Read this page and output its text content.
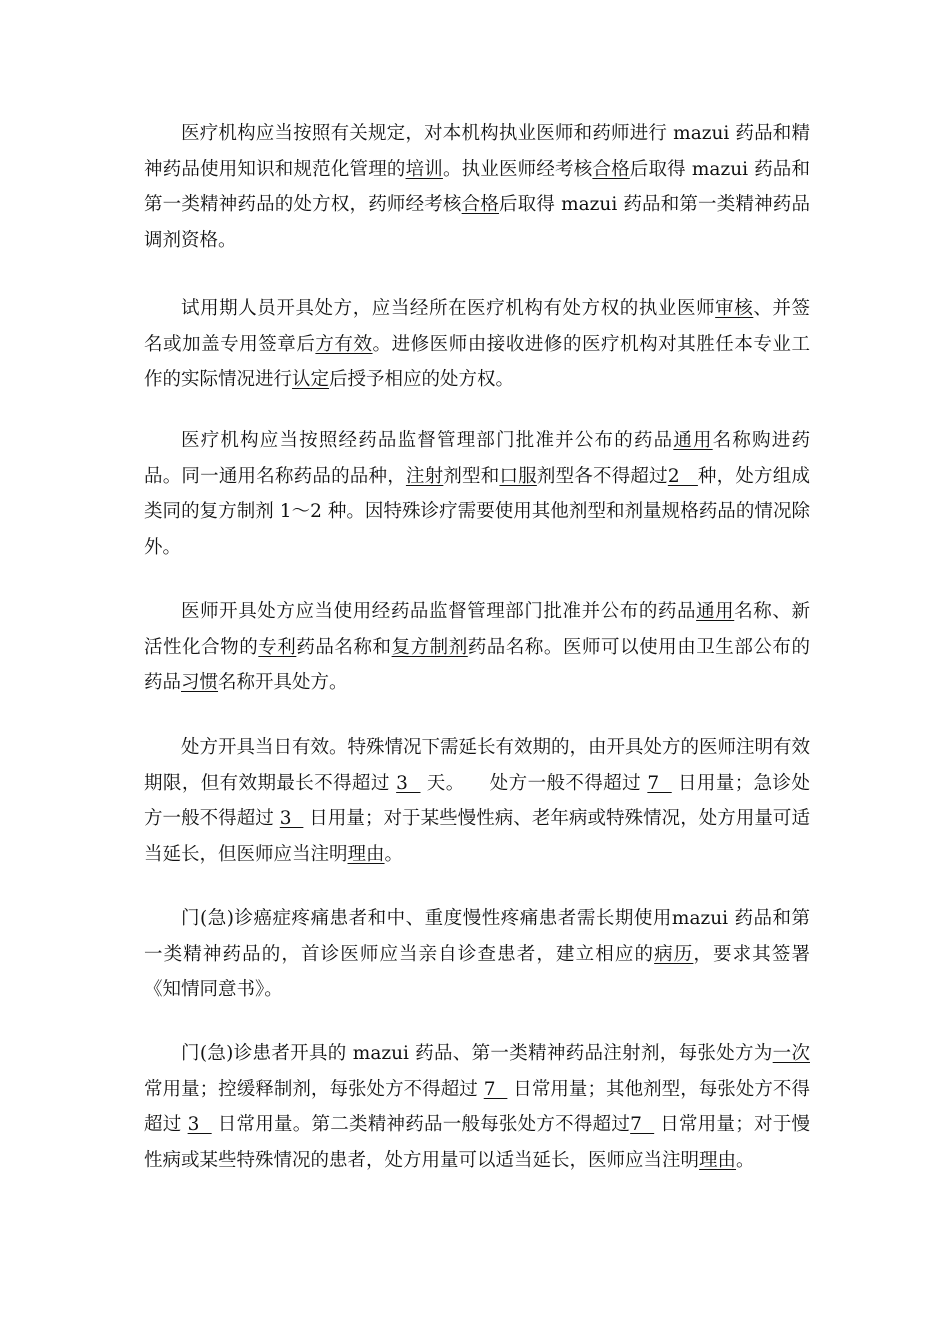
医疗机构应当按照有关规定，对本机构执业医师和药师进行 mazui 药品和精神药品使用知识和规范化管理的培训。执业医师经考核合格后取得 mazui 药品和第一类精神药品的处方权，药师经考核合格后取得 mazui 药品和第一类精神药品调剂资格。

试用期人员开具处方，应当经所在医疗机构有处方权的执业医师审核、并签名或加盖专用签章后方有效。进修医师由接收进修的医疗机构对其胜任本专业工作的实际情况进行认定后授予相应的处方权。

医疗机构应当按照经药品监督管理部门批准并公布的药品通用名称购进药品。同一通用名称药品的品种，注射剂型和口服剂型各不得超过2   种，处方组成类同的复方制剂 1～2 种。因特殊诊疗需要使用其他剂型和剂量规格药品的情况除外。

医师开具处方应当使用经药品监督管理部门批准并公布的药品通用名称、新活性化合物的专利药品名称和复方制剂药品名称。医师可以使用由卫生部公布的药品习惯名称开具处方。

处方开具当日有效。特殊情况下需延长有效期的，由开具处方的医师注明有效期限，但有效期最长不得超过 3   天。    处方一般不得超过 7   日用量；急诊处方一般不得超过 3   日用量；对于某些慢性病、老年病或特殊情况，处方用量可适当延长，但医师应当注明理由。

门(急)诊癌症疼痛患者和中、重度慢性疼痛患者需长期使用mazui 药品和第一类精神药品的，首诊医师应当亲自诊查患者，建立相应的病历，要求其签署《知情同意书》。

门(急)诊患者开具的 mazui 药品、第一类精神药品注射剂，每张处方为一次常用量；控缓释制剂，每张处方不得超过 7   日常用量；其他剂型，每张处方不得超过 3   日常用量。第二类精神药品一般每张处方不得超过7   日常用量；对于慢性病或某些特殊情况的患者，处方用量可以适当延长，医师应当注明理由。
